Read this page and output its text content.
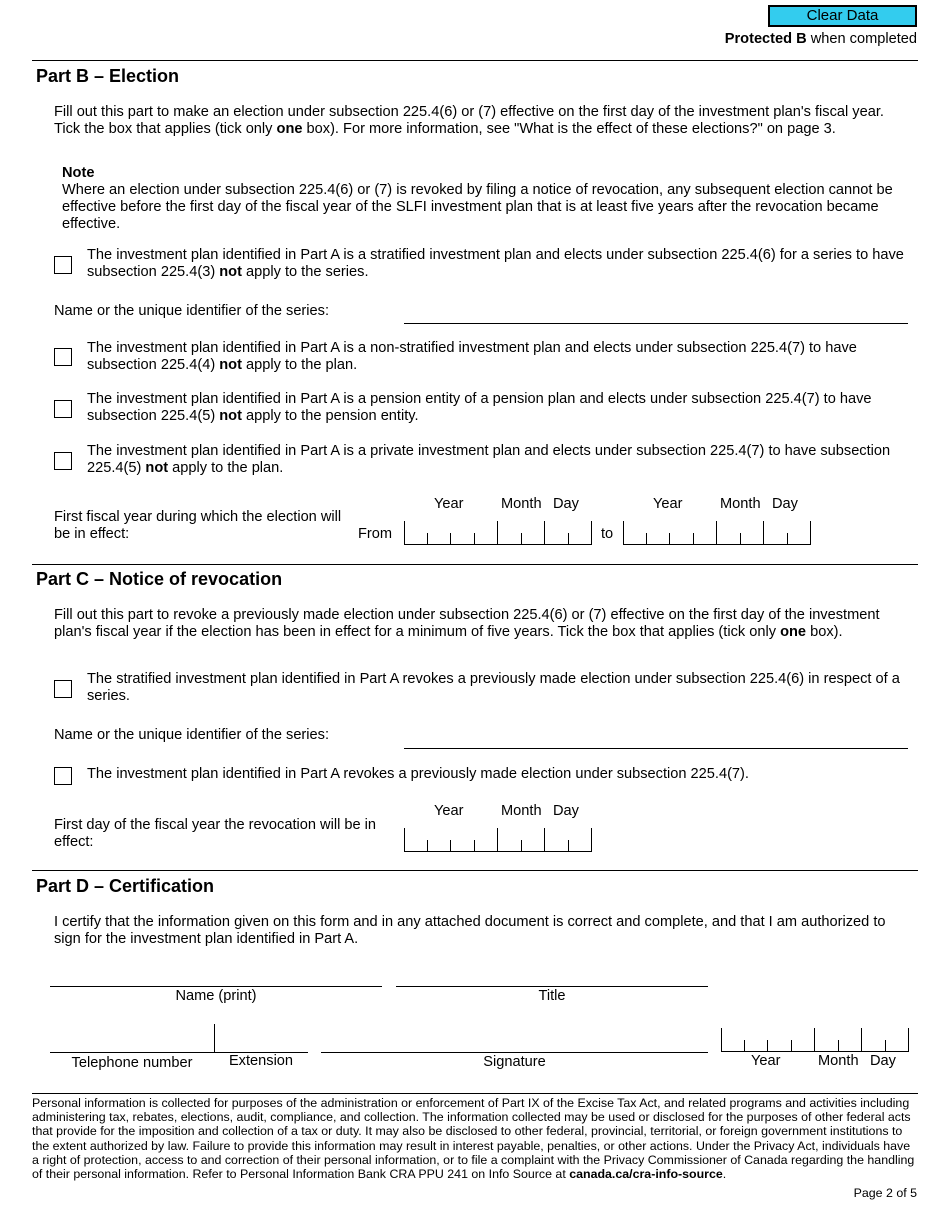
Clear Data
Protected B when completed
Part B – Election
Fill out this part to make an election under subsection 225.4(6) or (7) effective on the first day of the investment plan's fiscal year. Tick the box that applies (tick only one box). For more information, see "What is the effect of these elections?" on page 3.
Note
Where an election under subsection 225.4(6) or (7) is revoked by filing a notice of revocation, any subsequent election cannot be effective before the first day of the fiscal year of the SLFI investment plan that is at least five years after the revocation became effective.
The investment plan identified in Part A is a stratified investment plan and elects under subsection 225.4(6) for a series to have subsection 225.4(3) not apply to the series.
Name or the unique identifier of the series:
The investment plan identified in Part A is a non-stratified investment plan and elects under subsection 225.4(7) to have subsection 225.4(4) not apply to the plan.
The investment plan identified in Part A is a pension entity of a pension plan and elects under subsection 225.4(7) to have subsection 225.4(5) not apply to the pension entity.
The investment plan identified in Part A is a private investment plan and elects under subsection 225.4(7) to have subsection 225.4(5) not apply to the plan.
First fiscal year during which the election will be in effect:
Year	Month Day	Year	Month Day
From	to
Part C – Notice of revocation
Fill out this part to revoke a previously made election under subsection 225.4(6) or (7) effective on the first day of the investment plan's fiscal year if the election has been in effect for a minimum of five years. Tick the box that applies (tick only one box).
The stratified investment plan identified in Part A revokes a previously made election under subsection 225.4(6) in respect of a series.
Name or the unique identifier of the series:
The investment plan identified in Part A revokes a previously made election under subsection 225.4(7).
Year	Month Day
First day of the fiscal year the revocation will be in effect:
Part D – Certification
I certify that the information given on this form and in any attached document is correct and complete, and that I am authorized to sign for the investment plan identified in Part A.
Name (print)	Title
Telephone number	Extension	Signature	Year	Month Day
Personal information is collected for purposes of the administration or enforcement of Part IX of the Excise Tax Act, and related programs and activities including administering tax, rebates, elections, audit, compliance, and collection. The information collected may be used or disclosed for the purposes of other federal acts that provide for the imposition and collection of a tax or duty. It may also be disclosed to other federal, provincial, territorial, or foreign government institutions to the extent authorized by law. Failure to provide this information may result in interest payable, penalties, or other actions. Under the Privacy Act, individuals have a right of protection, access to and correction of their personal information, or to file a complaint with the Privacy Commissioner of Canada regarding the handling of their personal information. Refer to Personal Information Bank CRA PPU 241 on Info Source at canada.ca/cra-info-source.
Page 2 of 5
